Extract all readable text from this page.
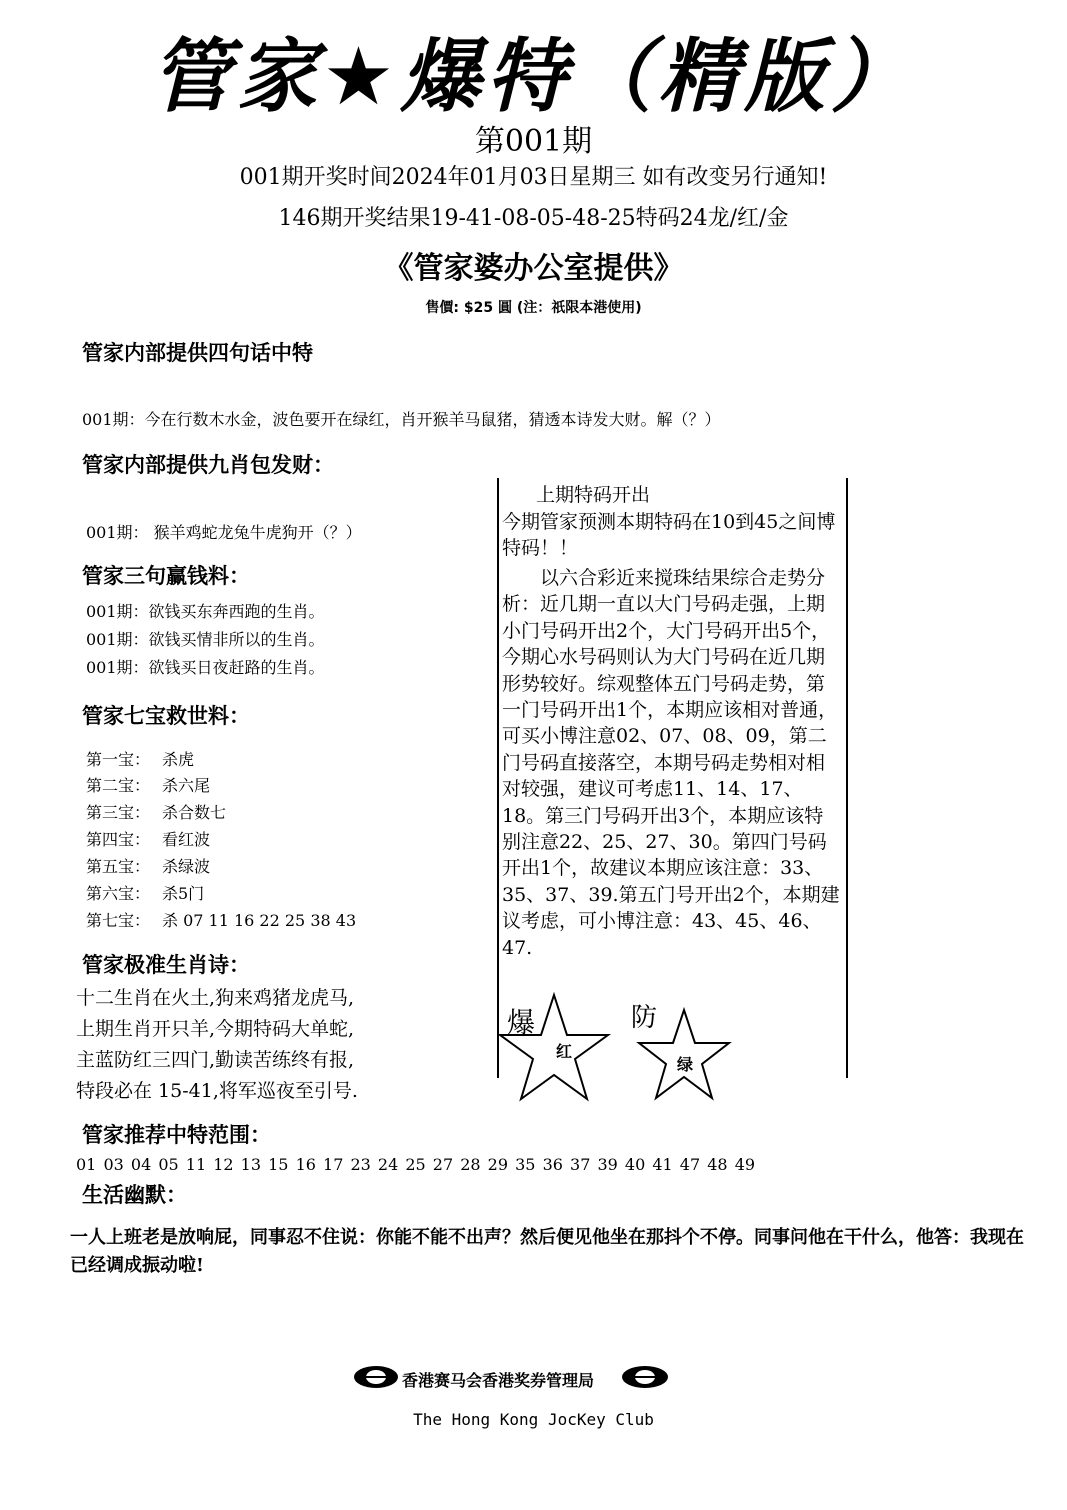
管家★爆特（精版）
第001期
001期开奖时间2024年01月03日星期三 如有改变另行通知!
146期开奖结果19-41-08-05-48-25特码24龙/红/金
《管家婆办公室提供》
售價: $25 圓 (注：祇限本港使用)
管家内部提供四句话中特
001期：今在行数木水金，波色要开在绿红，肖开猴羊马鼠猪，猜透本诗发大财。解（？）
管家内部提供九肖包发财：
001期： 猴羊鸡蛇龙兔牛虎狗开（？）
管家三句赢钱料：
001期：欲钱买东奔西跑的生肖。
001期：欲钱买情非所以的生肖。
001期：欲钱买日夜赶路的生肖。
管家七宝救世料：
第一宝： 杀虎
第二宝： 杀六尾
第三宝： 杀合数七
第四宝： 看红波
第五宝： 杀绿波
第六宝： 杀5门
第七宝： 杀 07 11 16 22 25 38 43
管家极准生肖诗：
十二生肖在火土,狗来鸡猪龙虎马,
上期生肖开只羊,今期特码大单蛇,
主蓝防红三四门,勤读苦练终有报,
特段必在 15-41,将军巡夜至引号.
上期特码开出
今期管家预测本期特码在10到45之间博特码！！
以六合彩近来搅珠结果综合走势分析：近几期一直以大门号码走强，上期小门号码开出2个，大门号码开出5个，今期心水号码则认为大门号码在近几期形势较好。综观整体五门号码走势，第一门号码开出1个，本期应该相对普通，可买小博注意02、07、08、09，第二门号码直接落空，本期号码走势相对相对较强，建议可考虑11、14、17、18。第三门号码开出3个，本期应该特别注意22、25、27、30。第四门号码开出1个，故建议本期应该注意：33、35、37、39.第五门号开出2个，本期建议考虑，可小博注意：43、45、46、47.
爆
红
防
绿
管家推荐中特范围：
01 03 04 05 11 12 13 15 16 17 23 24 25 27 28 29 35 36 37 39 40 41 47 48 49
生活幽默：
一人上班老是放响屁，同事忍不住说：你能不能不出声？然后便见他坐在那抖个不停。同事问他在干什么，他答：我现在已经调成振动啦!
香港赛马会香港奖券管理局
The Hong Kong JocKey Club
